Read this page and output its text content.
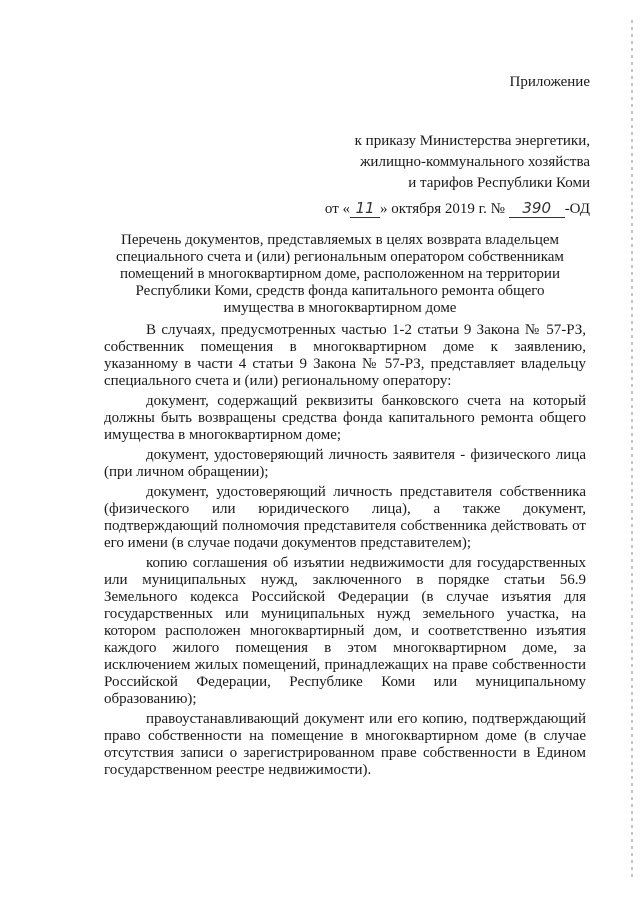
Приложение
к приказу Министерства энергетики,
жилищно-коммунального хозяйства
и тарифов Республики Коми
от « 11 » октября 2019 г. № 390 -ОД
Перечень документов, представляемых в целях возврата владельцем специального счета и (или) региональным оператором собственникам помещений в многоквартирном доме, расположенном на территории Республики Коми, средств фонда капитального ремонта общего имущества в многоквартирном доме

В случаях, предусмотренных частью 1-2 статьи 9 Закона № 57-РЗ, собственник помещения в многоквартирном доме к заявлению, указанному в части 4 статьи 9 Закона № 57-РЗ, представляет владельцу специального счета и (или) региональному оператору:

документ, содержащий реквизиты банковского счета на который должны быть возвращены средства фонда капитального ремонта общего имущества в многоквартирном доме;

документ, удостоверяющий личность заявителя - физического лица (при личном обращении);

документ, удостоверяющий личность представителя собственника (физического или юридического лица), а также документ, подтверждающий полномочия представителя собственника действовать от его имени (в случае подачи документов представителем);

копию соглашения об изъятии недвижимости для государственных или муниципальных нужд, заключенного в порядке статьи 56.9 Земельного кодекса Российской Федерации (в случае изъятия для государственных или муниципальных нужд земельного участка, на котором расположен многоквартирный дом, и соответственно изъятия каждого жилого помещения в этом многоквартирном доме, за исключением жилых помещений, принадлежащих на праве собственности Российской Федерации, Республике Коми или муниципальному образованию);

правоустанавливающий документ или его копию, подтверждающий право собственности на помещение в многоквартирном доме (в случае отсутствия записи о зарегистрированном праве собственности в Едином государственном реестре недвижимости).
